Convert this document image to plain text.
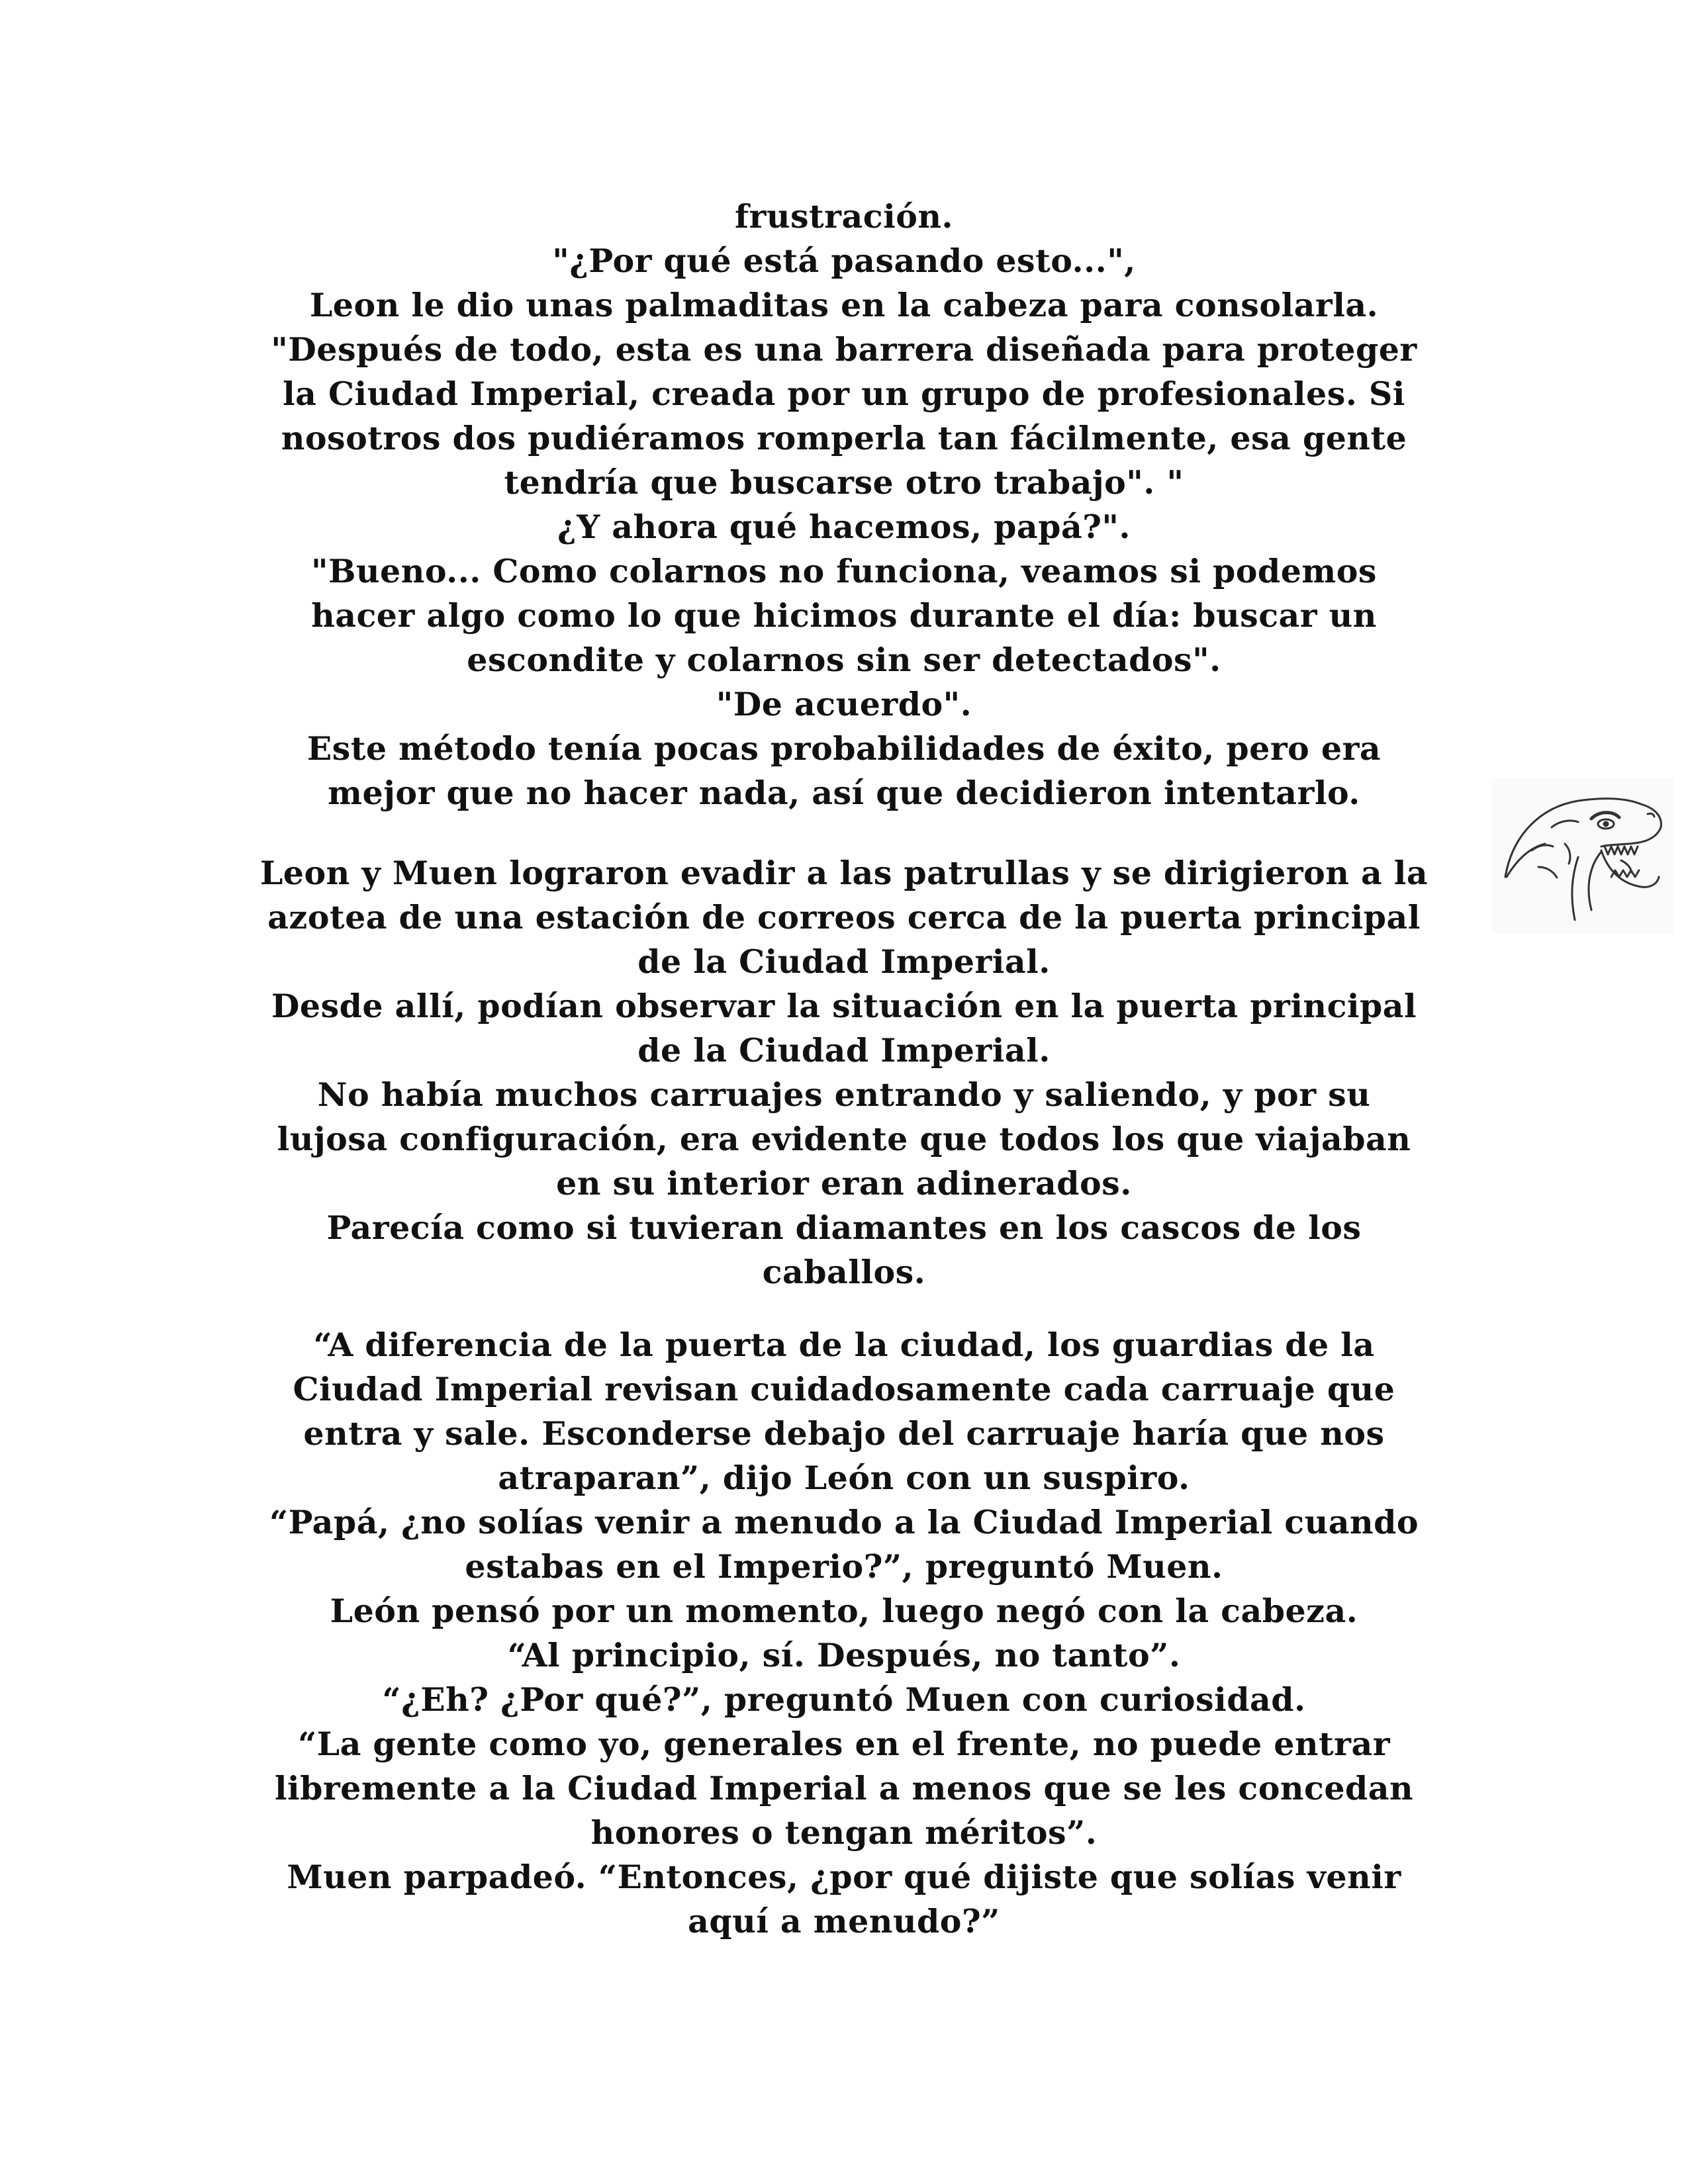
frustración.
"¿Por qué está pasando esto...",
Leon le dio unas palmaditas en la cabeza para consolarla.
"Después de todo, esta es una barrera diseñada para proteger
la Ciudad Imperial, creada por un grupo de profesionales. Si
nosotros dos pudiéramos romperla tan fácilmente, esa gente
tendría que buscarse otro trabajo". "
¿Y ahora qué hacemos, papá?".
"Bueno... Como colarnos no funciona, veamos si podemos
hacer algo como lo que hicimos durante el día: buscar un
escondite y colarnos sin ser detectados".
"De acuerdo".
Este método tenía pocas probabilidades de éxito, pero era
mejor que no hacer nada, así que decidieron intentarlo.
Leon y Muen lograron evadir a las patrullas y se dirigieron a la
azotea de una estación de correos cerca de la puerta principal
de la Ciudad Imperial.
Desde allí, podían observar la situación en la puerta principal
de la Ciudad Imperial.
No había muchos carruajes entrando y saliendo, y por su
lujosa configuración, era evidente que todos los que viajaban
en su interior eran adinerados.
Parecía como si tuvieran diamantes en los cascos de los
caballos.
“A diferencia de la puerta de la ciudad, los guardias de la
Ciudad Imperial revisan cuidadosamente cada carruaje que
entra y sale. Esconderse debajo del carruaje haría que nos
atraparan”, dijo León con un suspiro.
“Papá, ¿no solías venir a menudo a la Ciudad Imperial cuando
estabas en el Imperio?”, preguntó Muen.
León pensó por un momento, luego negó con la cabeza.
“Al principio, sí. Después, no tanto”.
“¿Eh? ¿Por qué?”, preguntó Muen con curiosidad.
“La gente como yo, generales en el frente, no puede entrar
libremente a la Ciudad Imperial a menos que se les concedan
honores o tengan méritos”.
Muen parpadeó. “Entonces, ¿por qué dijiste que solías venir
aquí a menudo?”
